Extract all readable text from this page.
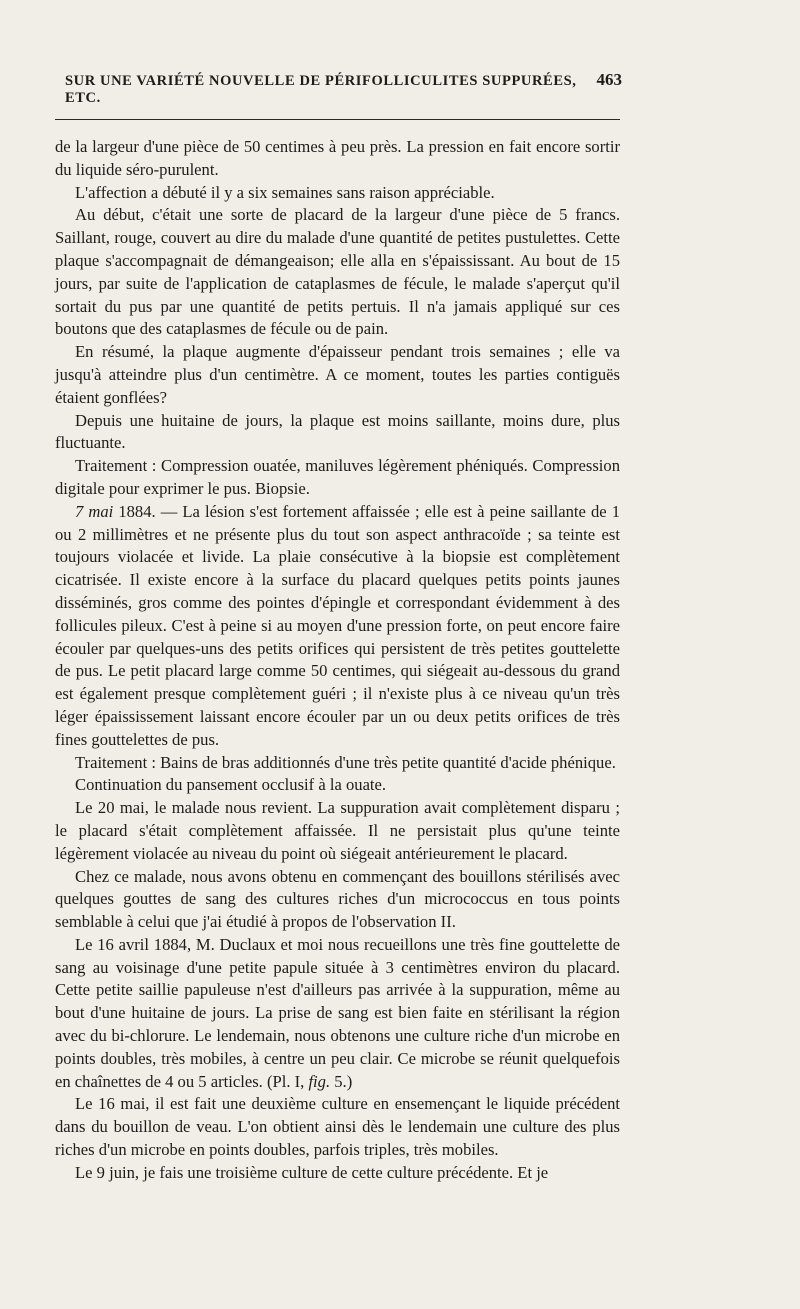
SUR UNE VARIÉTÉ NOUVELLE DE PÉRIFOLLICULITES SUPPURÉES, ETC.
463

de la largeur d'une pièce de 50 centimes à peu près. La pression en fait encore sortir du liquide séro-purulent.

L'affection a débuté il y a six semaines sans raison appréciable.

Au début, c'était une sorte de placard de la largeur d'une pièce de 5 francs. Saillant, rouge, couvert au dire du malade d'une quantité de petites pustulettes. Cette plaque s'accompagnait de démangeaison; elle alla en s'épaississant. Au bout de 15 jours, par suite de l'application de cataplasmes de fécule, le malade s'aperçut qu'il sortait du pus par une quantité de petits pertuis. Il n'a jamais appliqué sur ces boutons que des cataplasmes de fécule ou de pain.

En résumé, la plaque augmente d'épaisseur pendant trois semaines ; elle va jusqu'à atteindre plus d'un centimètre. A ce moment, toutes les parties contiguës étaient gonflées?

Depuis une huitaine de jours, la plaque est moins saillante, moins dure, plus fluctuante.

Traitement : Compression ouatée, maniluves légèrement phéniqués. Compression digitale pour exprimer le pus. Biopsie.

7 mai 1884. — La lésion s'est fortement affaissée ; elle est à peine saillante de 1 ou 2 millimètres et ne présente plus du tout son aspect anthracoïde ; sa teinte est toujours violacée et livide. La plaie consécutive à la biopsie est complètement cicatrisée. Il existe encore à la surface du placard quelques petits points jaunes disséminés, gros comme des pointes d'épingle et correspondant évidemment à des follicules pileux. C'est à peine si au moyen d'une pression forte, on peut encore faire écouler par quelques-uns des petits orifices qui persistent de très petites gouttelette de pus. Le petit placard large comme 50 centimes, qui siégeait au-dessous du grand est également presque complètement guéri ; il n'existe plus à ce niveau qu'un très léger épaississement laissant encore écouler par un ou deux petits orifices de très fines gouttelettes de pus.

Traitement : Bains de bras additionnés d'une très petite quantité d'acide phénique.

Continuation du pansement occlusif à la ouate.

Le 20 mai, le malade nous revient. La suppuration avait complètement disparu ; le placard s'était complètement affaissée. Il ne persistait plus qu'une teinte légèrement violacée au niveau du point où siégeait antérieurement le placard.

Chez ce malade, nous avons obtenu en commençant des bouillons stérilisés avec quelques gouttes de sang des cultures riches d'un micrococcus en tous points semblable à celui que j'ai étudié à propos de l'observation II.

Le 16 avril 1884, M. Duclaux et moi nous recueillons une très fine gouttelette de sang au voisinage d'une petite papule située à 3 centimètres environ du placard. Cette petite saillie papuleuse n'est d'ailleurs pas arrivée à la suppuration, même au bout d'une huitaine de jours. La prise de sang est bien faite en stérilisant la région avec du bi-chlorure. Le lendemain, nous obtenons une culture riche d'un microbe en points doubles, très mobiles, à centre un peu clair. Ce microbe se réunit quelquefois en chaînettes de 4 ou 5 articles. (Pl. I, fig. 5.)

Le 16 mai, il est fait une deuxième culture en ensemençant le liquide précédent dans du bouillon de veau. L'on obtient ainsi dès le lendemain une culture des plus riches d'un microbe en points doubles, parfois triples, très mobiles.

Le 9 juin, je fais une troisième culture de cette culture précédente. Et je
